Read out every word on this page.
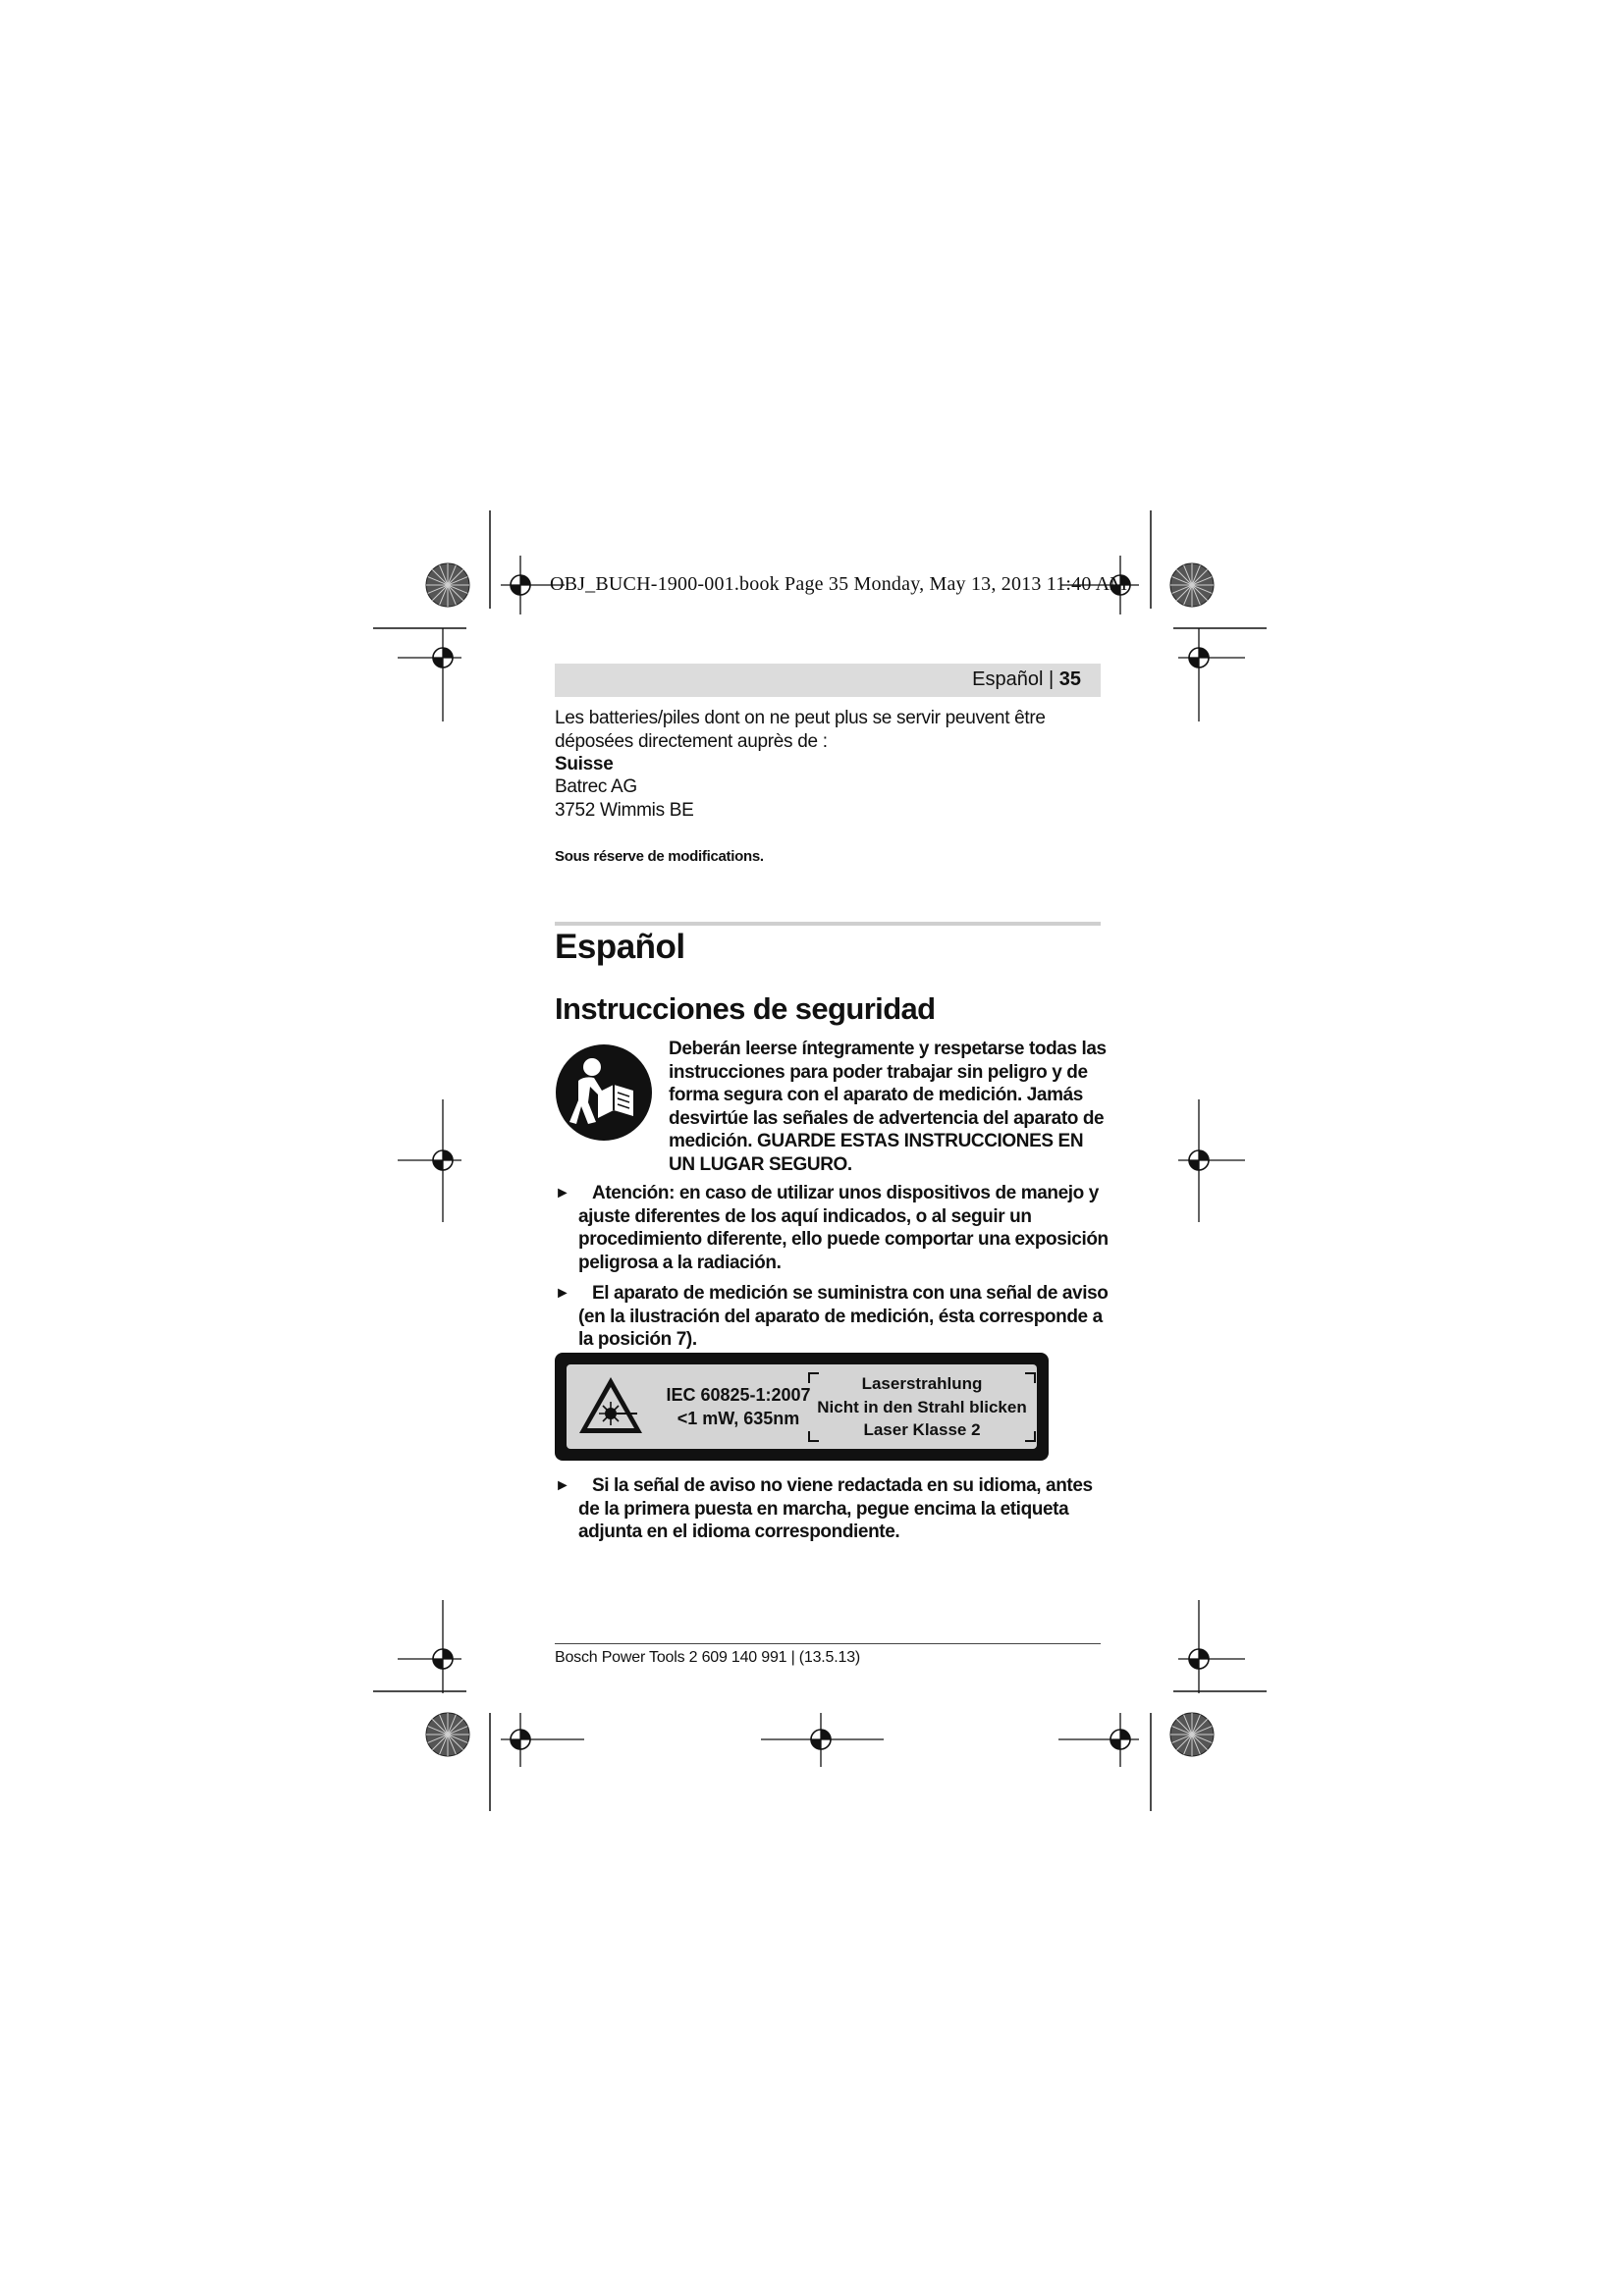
OBJ_BUCH-1900-001.book Page 35 Monday, May 13, 2013 11:40 AM
Español | 35
Les batteries/piles dont on ne peut plus se servir peuvent être déposées directement auprès de :
Suisse
Batrec AG
3752 Wimmis BE
Sous réserve de modifications.
Español
Instrucciones de seguridad
Deberán leerse íntegramente y respetarse todas las instrucciones para poder trabajar sin peligro y de forma segura con el aparato de medición. Jamás desvirtúe las señales de advertencia del aparato de medición. GUARDE ESTAS INSTRUCCIONES EN UN LUGAR SEGURO.
►	Atención: en caso de utilizar unos dispositivos de manejo y ajuste diferentes de los aquí indicados, o al seguir un procedimiento diferente, ello puede comportar una exposición peligrosa a la radiación.
►	El aparato de medición se suministra con una señal de aviso (en la ilustración del aparato de medición, ésta corresponde a la posición 7).
IEC 60825-1:2007
<1 mW, 635nm
Laserstrahlung
Nicht in den Strahl blicken
Laser Klasse 2
►	Si la señal de aviso no viene redactada en su idioma, antes de la primera puesta en marcha, pegue encima la etiqueta adjunta en el idioma correspondiente.
Bosch Power Tools 2 609 140 991 | (13.5.13)
